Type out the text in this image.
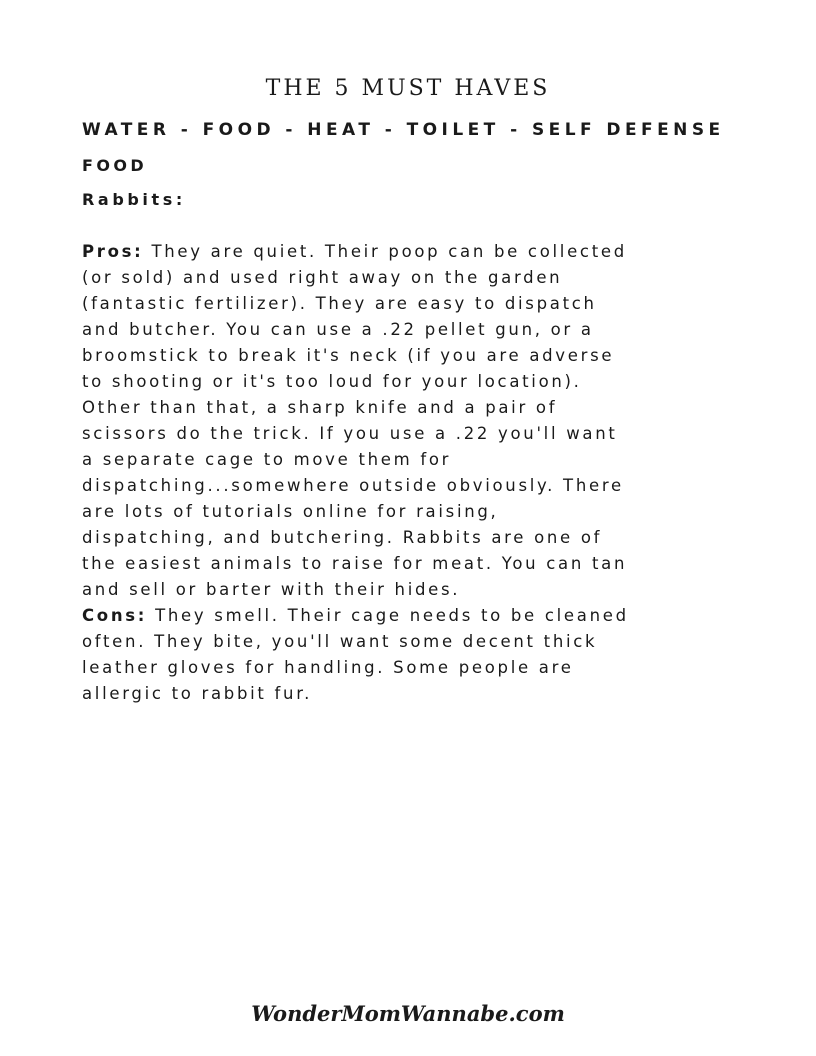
THE 5 MUST HAVES

WATER - FOOD - HEAT - TOILET - SELF DEFENSE

FOOD

Rabbits:

Pros: They are quiet. Their poop can be collected
(or sold) and used right away on the garden
(fantastic fertilizer). They are easy to dispatch
and butcher. You can use a .22 pellet gun, or a
broomstick to break it's neck (if you are adverse
to shooting or it's too loud for your location).
Other than that, a sharp knife and a pair of
scissors do the trick. If you use a .22 you'll want
a separate cage to move them for
dispatching...somewhere outside obviously. There
are lots of tutorials online for raising,
dispatching, and butchering. Rabbits are one of
the easiest animals to raise for meat. You can tan
and sell or barter with their hides.
Cons: They smell. Their cage needs to be cleaned
often. They bite, you'll want some decent thick
leather gloves for handling. Some people are
allergic to rabbit fur.
WonderMomWannabe.com
